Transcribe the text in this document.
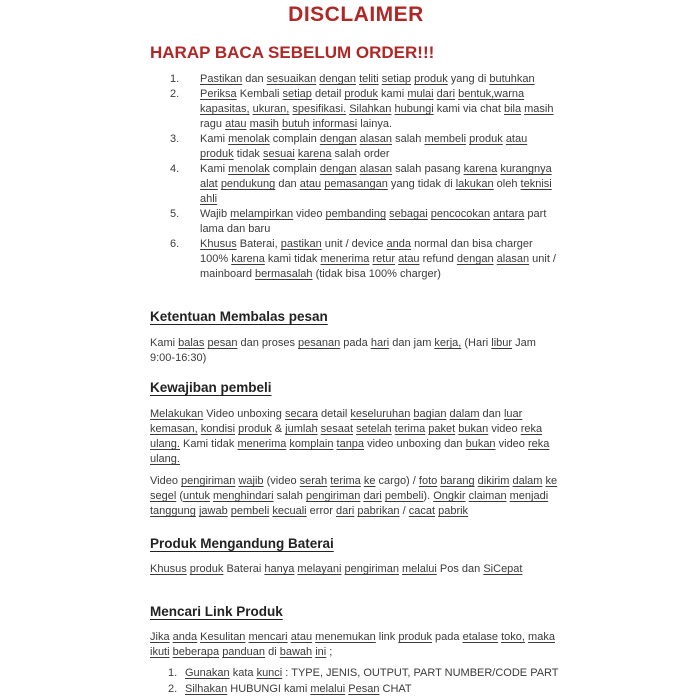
DISCLAIMER
HARAP BACA SEBELUM ORDER!!!
1.	Pastikan dan sesuaikan dengan teliti setiap produk yang di butuhkan
2.	Periksa Kembali setiap detail produk kami mulai dari bentuk,warna kapasitas, ukuran, spesifikasi. Silahkan hubungi kami via chat bila masih ragu atau masih butuh informasi lainya.
3.	Kami menolak complain dengan alasan salah membeli produk atau produk tidak sesuai karena salah order
4.	Kami menolak complain dengan alasan salah pasang karena kurangnya alat pendukung dan atau pemasangan yang tidak di lakukan oleh teknisi ahli
5.	Wajib melampirkan video pembanding sebagai pencocokan antara part lama dan baru
6.	Khusus Baterai, pastikan unit / device anda normal dan bisa charger 100% karena kami tidak menerima retur atau refund dengan alasan unit / mainboard bermasalah (tidak bisa 100% charger)
Ketentuan Membalas pesan

Kami balas pesan dan proses pesanan pada hari dan jam kerja, (Hari libur Jam 9:00-16:30)

Kewajiban pembeli

Melakukan Video unboxing secara detail keseluruhan bagian dalam dan luar kemasan, kondisi produk & jumlah sesaat setelah terima paket bukan video reka ulang. Kami tidak menerima komplain tanpa video unboxing dan bukan video reka ulang.

Video pengiriman wajib (video serah terima ke cargo) / foto barang dikirim dalam ke segel (untuk menghindari salah pengiriman dari pembeli). Ongkir claiman menjadi tanggung jawab pembeli kecuali error dari pabrikan / cacat pabrik

Produk Mengandung Baterai

Khusus produk Baterai hanya melayani pengiriman melalui Pos dan SiCepat

Mencari Link Produk

Jika anda Kesulitan mencari atau menemukan link produk pada etalase toko, maka ikuti beberapa panduan di bawah ini ;

1. Gunakan kata kunci : TYPE, JENIS, OUTPUT, PART NUMBER/CODE PART
2. Silhakan HUBUNGI kami melalui Pesan CHAT
